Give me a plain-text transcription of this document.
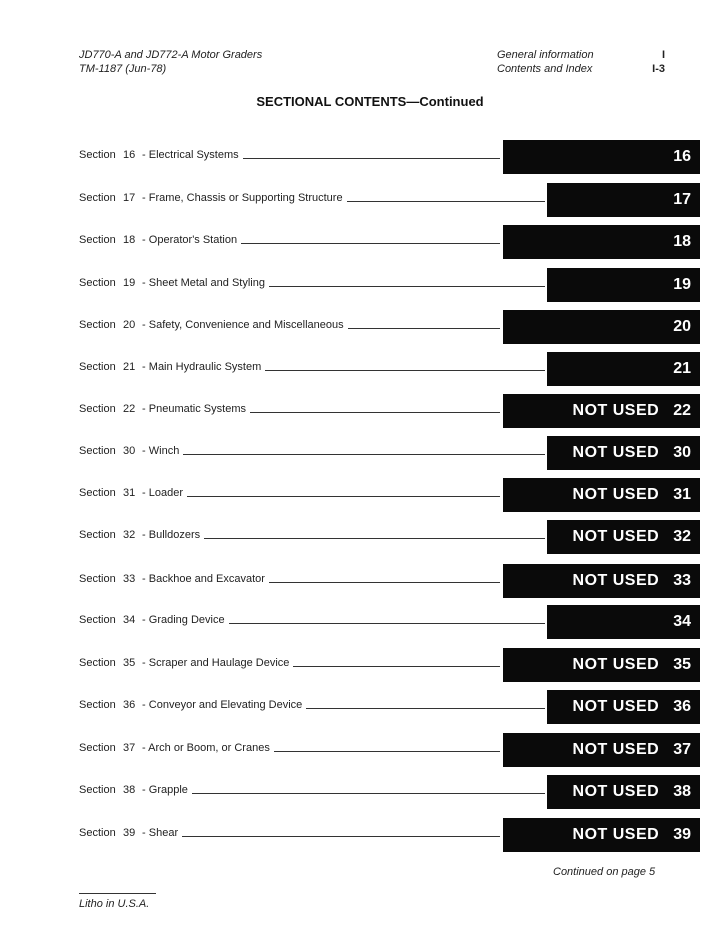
JD770-A and JD772-A Motor Graders
TM-1187 (Jun-78)
General information
Contents and Index
I
I-3
SECTIONAL CONTENTS—Continued
Section 16 - Electrical Systems	16
Section 17 - Frame, Chassis or Supporting Structure	17
Section 18 - Operator's Station	18
Section 19 - Sheet Metal and Styling	19
Section 20 - Safety, Convenience and Miscellaneous	20
Section 21 - Main Hydraulic System	21
Section 22 - Pneumatic Systems	NOT USED 22
Section 30 - Winch	NOT USED 30
Section 31 - Loader	NOT USED 31
Section 32 - Bulldozers	NOT USED 32
Section 33 - Backhoe and Excavator	NOT USED 33
Section 34 - Grading Device	34
Section 35 - Scraper and Haulage Device	NOT USED 35
Section 36 - Conveyor and Elevating Device	NOT USED 36
Section 37 - Arch or Boom, or Cranes	NOT USED 37
Section 38 - Grapple	NOT USED 38
Section 39 - Shear	NOT USED 39
Continued on page 5
Litho in U.S.A.
